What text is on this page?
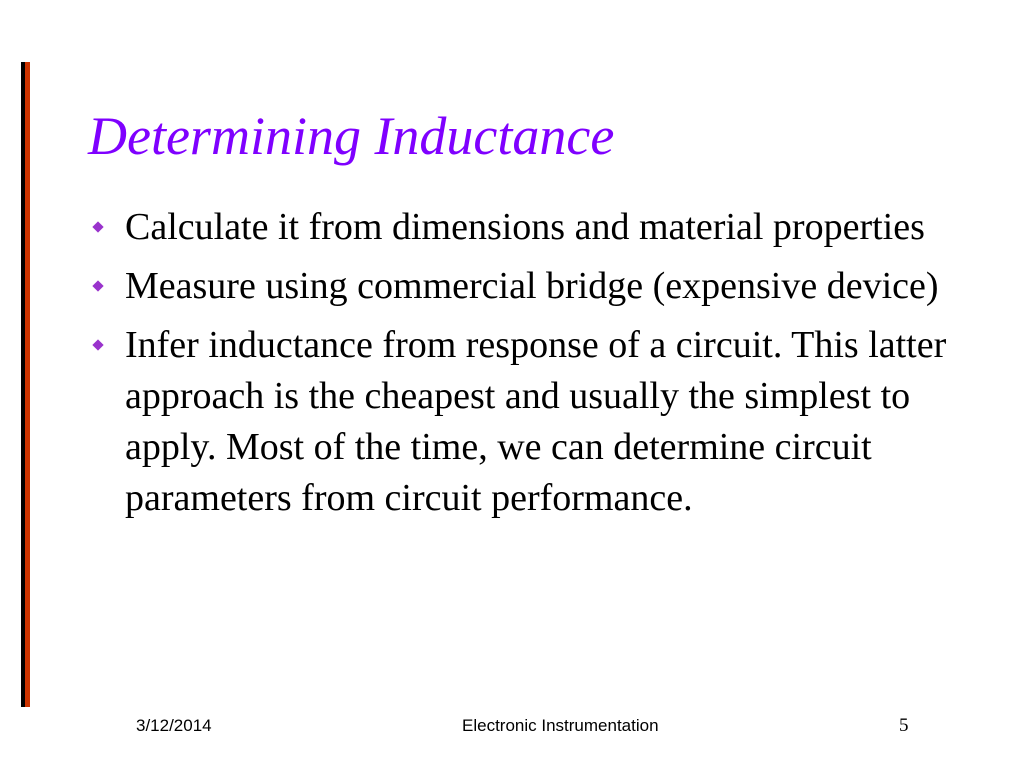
Determining Inductance
Calculate it from dimensions and material properties
Measure using commercial bridge (expensive device)
Infer inductance from response of a circuit. This latter approach is the cheapest and usually the simplest to apply. Most of the time, we can determine circuit parameters from circuit performance.
3/12/2014	Electronic Instrumentation	5
